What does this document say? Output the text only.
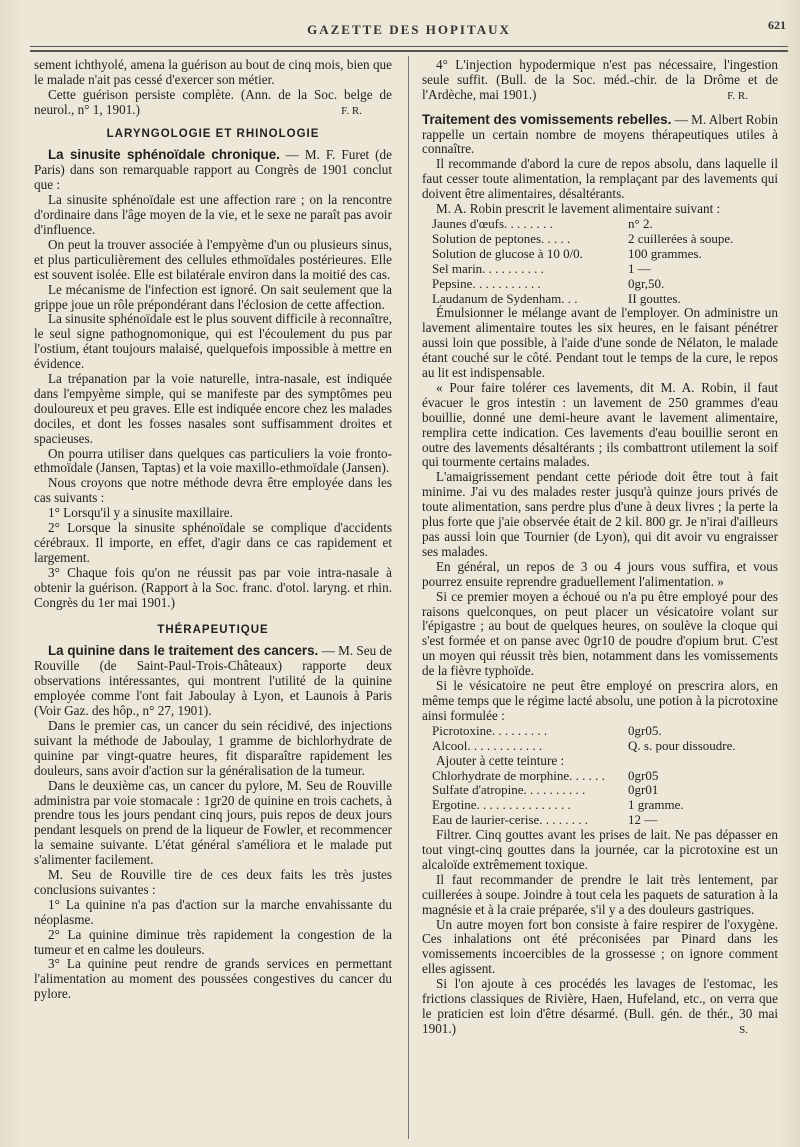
GAZETTE DES HOPITAUX	621

sement ichthyolé, amena la guérison au bout de cinq mois, bien que le malade n'ait pas cessé d'exercer son métier.

Cette guérison persiste complète. (Ann. de la Soc. belge de neurol., n° 1, 1901.)	F. R.
LARYNGOLOGIE ET RHINOLOGIE

La sinusite sphénoïdale chronique. — M. F. Furet (de Paris) dans son remarquable rapport au Congrès de 1901 conclut que :

La sinusite sphénoïdale est une affection rare ; on la rencontre d'ordinaire dans l'âge moyen de la vie, et le sexe ne paraît pas avoir d'influence.

On peut la trouver associée à l'empyème d'un ou plusieurs sinus, et plus particulièrement des cellules ethmoïdales postérieures. Elle est souvent isolée. Elle est bilatérale environ dans la moitié des cas.

Le mécanisme de l'infection est ignoré. On sait seulement que la grippe joue un rôle prépondérant dans l'éclosion de cette affection.

La sinusite sphénoïdale est le plus souvent difficile à reconnaître, le seul signe pathognomonique, qui est l'écoulement du pus par l'ostium, étant toujours malaisé, quelquefois impossible à mettre en évidence.

La trépanation par la voie naturelle, intra-nasale, est indiquée dans l'empyème simple, qui se manifeste par des symptômes peu douloureux et peu graves. Elle est indiquée encore chez les malades dociles, et dont les fosses nasales sont suffisamment droites et spacieuses.

On pourra utiliser dans quelques cas particuliers la voie fronto-ethmoïdale (Jansen, Taptas) et la voie maxillo-ethmoïdale (Jansen).

Nous croyons que notre méthode devra être employée dans les cas suivants :

1° Lorsqu'il y a sinusite maxillaire.

2° Lorsque la sinusite sphénoïdale se complique d'accidents cérébraux. Il importe, en effet, d'agir dans ce cas rapidement et largement.

3° Chaque fois qu'on ne réussit pas par voie intra-nasale à obtenir la guérison. (Rapport à la Soc. franc. d'otol. laryng. et rhin. Congrès du 1er mai 1901.)

THÉRAPEUTIQUE

La quinine dans le traitement des cancers. — M. Seu de Rouville (de Saint-Paul-Trois-Châteaux) rapporte deux observations intéressantes, qui montrent l'utilité de la quinine employée comme l'ont fait Jaboulay à Lyon, et Launois à Paris (Voir Gaz. des hôp., n° 27, 1901).

Dans le premier cas, un cancer du sein récidivé, des injections suivant la méthode de Jaboulay, 1 gramme de bichlorhydrate de quinine par vingt-quatre heures, fit disparaître rapidement les douleurs, sans avoir d'action sur la généralisation de la tumeur.

Dans le deuxième cas, un cancer du pylore, M. Seu de Rouville administra par voie stomacale : 1gr20 de quinine en trois cachets, à prendre tous les jours pendant cinq jours, puis repos de deux jours pendant lesquels on prend de la liqueur de Fowler, et recommencer la semaine suivante. L'état général s'améliora et le malade put s'alimenter facilement.

M. Seu de Rouville tire de ces deux faits les très justes conclusions suivantes :

1° La quinine n'a pas d'action sur la marche envahissante du néoplasme.

2° La quinine diminue très rapidement la congestion de la tumeur et en calme les douleurs.

3° La quinine peut rendre de grands services en permettant l'alimentation au moment des poussées congestives du cancer du pylore.

4° L'injection hypodermique n'est pas nécessaire, l'ingestion seule suffit. (Bull. de la Soc. méd.-chir. de la Drôme et de l'Ardèche, mai 1901.)	F. R.

Traitement des vomissements rebelles. — M. Albert Robin rappelle un certain nombre de moyens thérapeutiques utiles à connaître.

Il recommande d'abord la cure de repos absolu, dans laquelle il faut cesser toute alimentation, la remplaçant par des lavements qui doivent être alimentaires, désaltérants.

M. A. Robin prescrit le lavement alimentaire suivant :

Jaunes d'œufs. . . . . . . .	n° 2.
Solution de peptones. . . . .	2 cuillerées à soupe.
Solution de glucose à 10 0/0.	100 grammes.
Sel marin. . . . . . . . . .	1 —
Pepsine. . . . . . . . . . .	0gr,50.
Laudanum de Sydenham. . .	II gouttes.

Émulsionner le mélange avant de l'employer. On administre un lavement alimentaire toutes les six heures, en le faisant pénétrer aussi loin que possible, à l'aide d'une sonde de Nélaton, le malade étant couché sur le côté. Pendant tout le temps de la cure, le repos au lit est indispensable.

« Pour faire tolérer ces lavements, dit M. A. Robin, il faut évacuer le gros intestin : un lavement de 250 grammes d'eau bouillie, donné une demi-heure avant le lavement alimentaire, remplira cette indication. Ces lavements d'eau bouillie seront en outre des lavements désaltérants ; ils combattront utilement la soif qui tourmente certains malades.

L'amaigrissement pendant cette période doit être tout à fait minime. J'ai vu des malades rester jusqu'à quinze jours privés de toute alimentation, sans perdre plus d'une à deux livres ; la perte la plus forte que j'aie observée était de 2 kil. 800 gr. Je n'irai d'ailleurs pas aussi loin que Tournier (de Lyon), qui dit avoir vu engraisser ses malades.

En général, un repos de 3 ou 4 jours vous suffira, et vous pourrez ensuite reprendre graduellement l'alimentation. »

Si ce premier moyen a échoué ou n'a pu être employé pour des raisons quelconques, on peut placer un vésicatoire volant sur l'épigastre ; au bout de quelques heures, on soulève la cloque qui s'est formée et on panse avec 0gr10 de poudre d'opium brut. C'est un moyen qui réussit très bien, notamment dans les vomissements de la fièvre typhoïde.

Si le vésicatoire ne peut être employé on prescrira alors, en même temps que le régime lacté absolu, une potion à la picrotoxine ainsi formulée :

Picrotoxine. . . . . . . . .	0gr05.
Alcool. . . . . . . . . . . .	Q. s. pour dissoudre.

Ajouter à cette teinture :

Chlorhydrate de morphine. . . . . .	0gr05
Sulfate d'atropine. . . . . . . . . .	0gr01
Ergotine. . . . . . . . . . . . . . .	1 gramme.
Eau de laurier-cerise. . . . . . . .	12 —

Filtrer. Cinq gouttes avant les prises de lait. Ne pas dépasser en tout vingt-cinq gouttes dans la journée, car la picrotoxine est un alcaloïde extrêmement toxique.

Il faut recommander de prendre le lait très lentement, par cuillerées à soupe. Joindre à tout cela les paquets de saturation à la magnésie et à la craie préparée, s'il y a des douleurs gastriques.

Un autre moyen fort bon consiste à faire respirer de l'oxygène. Ces inhalations ont été préconisées par Pinard dans les vomissements incoercibles de la grossesse ; on ignore comment elles agissent.

Si l'on ajoute à ces procédés les lavages de l'estomac, les frictions classiques de Rivière, Haen, Hufeland, etc., on verra que le praticien est loin d'être désarmé. (Bull. gén. de thér., 30 mai 1901.)	S.
